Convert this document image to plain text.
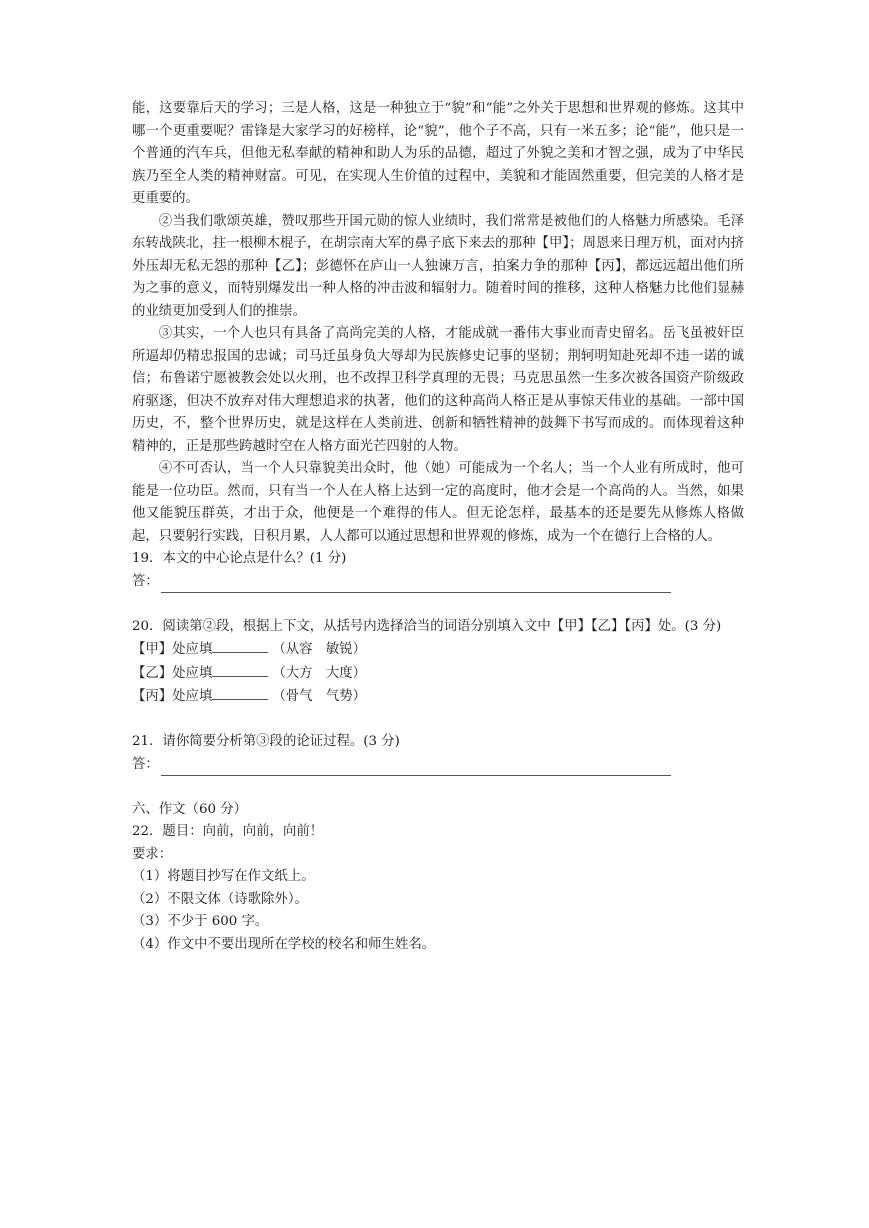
能，这要靠后天的学习；三是人格，这是一种独立于“貌”和“能”之外关于思想和世界观的修炼。这其中哪一个更重要呢？雷锋是大家学习的好榜样，论“貌”，他个子不高，只有一米五多；论“能”，他只是一个普通的汽车兵，但他无私奉献的精神和助人为乐的品德，超过了外貌之美和才智之强，成为了中华民族乃至全人类的精神财富。可见，在实现人生价值的过程中，美貌和才能固然重要，但完美的人格才是更重要的。

②当我们歌颂英雄，赞叹那些开国元勋的惊人业绩时，我们常常是被他们的人格魅力所感染。毛泽东转战陕北，拄一根柳木棍子，在胡宗南大军的鼻子底下来去的那种【甲】；周恩来日理万机，面对内挤外压却无私无怨的那种【乙】；彭德怀在庐山一人独谏万言，拍案力争的那种【丙】，都远远超出他们所为之事的意义，而特别爆发出一种人格的冲击波和辐射力。随着时间的推移，这种人格魅力比他们显赫的业绩更加受到人们的推崇。

③其实，一个人也只有具备了高尚完美的人格，才能成就一番伟大事业而青史留名。岳飞虽被奸臣所逼却仍精忠报国的忠诚；司马迁虽身负大辱却为民族修史记事的坚韧；荆轲明知赴死却不违一诺的诚信；布鲁诺宁愿被教会处以火刑，也不改捍卫科学真理的无畏；马克思虽然一生多次被各国资产阶级政府驱逐，但决不放弃对伟大理想追求的执著，他们的这种高尚人格正是从事惊天伟业的基础。一部中国历史，不，整个世界历史，就是这样在人类前进、创新和牺牲精神的鼓舞下书写而成的。而体现着这种精神的，正是那些跨越时空在人格方面光芒四射的人物。

④不可否认，当一个人只靠貌美出众时，他（她）可能成为一个名人；当一个人业有所成时，他可能是一位功臣。然而，只有当一个人在人格上达到一定的高度时，他才会是一个高尚的人。当然，如果他又能貌压群英，才出于众，他便是一个难得的伟人。但无论怎样，最基本的还是要先从修炼人格做起，只要躬行实践，日积月累，人人都可以通过思想和世界观的修炼，成为一个在德行上合格的人。

19．本文的中心论点是什么？(1 分)

答：

20．阅读第②段，根据上下文，从括号内选择洽当的词语分别填入文中【甲】【乙】【丙】处。(3 分)

【甲】处应填	（从容　敏锐）
【乙】处应填	（大方　大度）
【丙】处应填	（骨气　气势）

21．请你简要分析第③段的论证过程。(3 分)

答：

六、作文（60 分）

22．题目：向前，向前，向前！

要求：

（1）将题目抄写在作文纸上。

（2）不限文体（诗歌除外）。

（3）不少于 600 字。

（4）作文中不要出现所在学校的校名和师生姓名。
